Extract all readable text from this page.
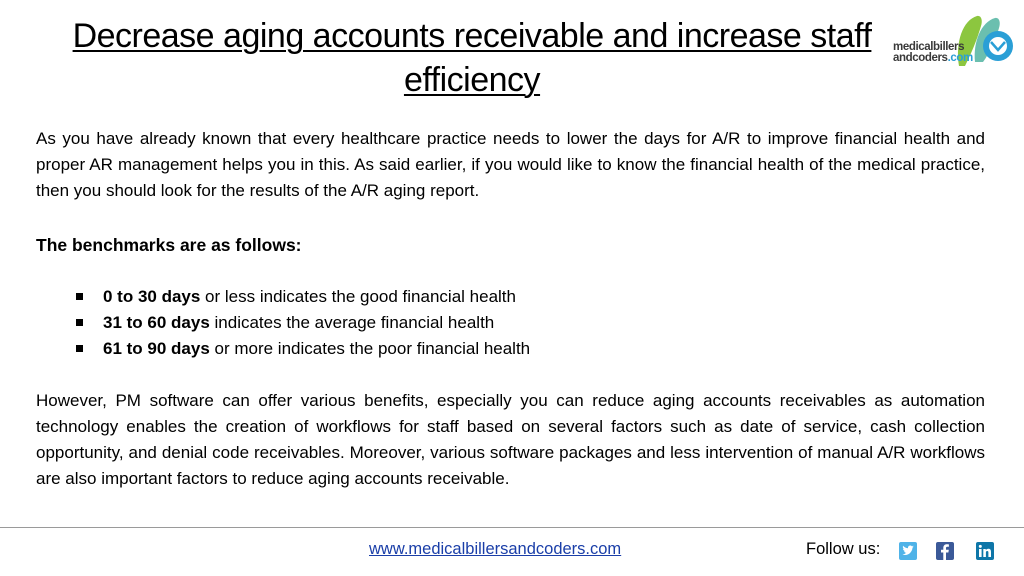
Decrease aging accounts receivable and increase staff efficiency
medicalbillers
andcoders.com

As you have already known that every healthcare practice needs to lower the days for A/R to improve financial health and proper AR management helps you in this. As said earlier, if you would like to know the financial health of the medical practice, then you should look for the results of the A/R aging report.

The benchmarks are as follows:

0 to 30 days or less indicates the good financial health
31 to 60 days indicates the average financial health
61 to 90 days or more indicates the poor financial health

However, PM software can offer various benefits, especially you can reduce aging accounts receivables as automation technology enables the creation of workflows for staff based on several factors such as date of service, cash collection opportunity, and denial code receivables. Moreover, various software packages and less intervention of manual A/R workflows are also important factors to reduce aging accounts receivable.

www.medicalbillersandcoders.com	Follow us:
